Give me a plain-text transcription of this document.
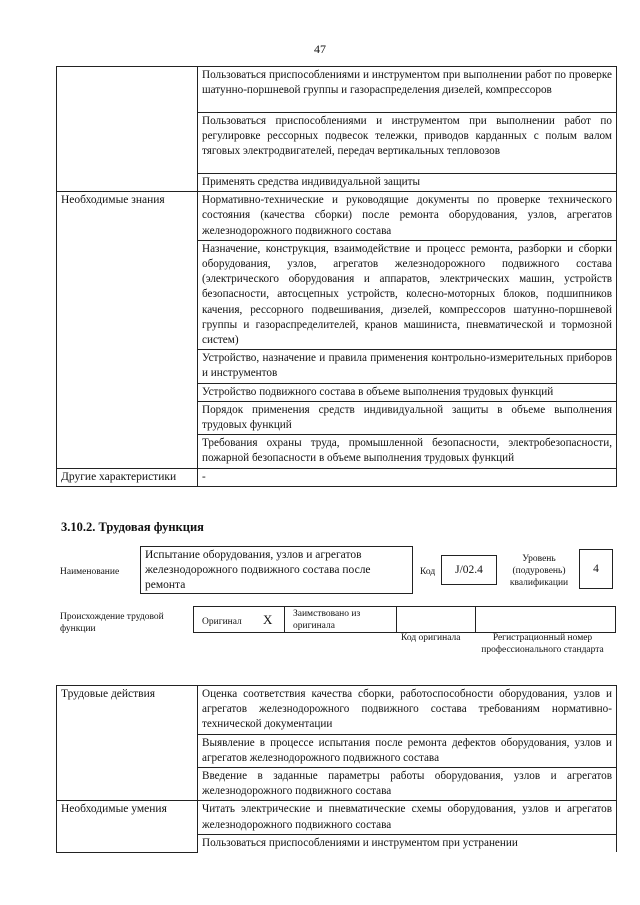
47
	Пользоваться приспособлениями и инструментом при выполнении работ по проверке шатунно-поршневой группы и газораспределения дизелей, компрессоров
	Пользоваться приспособлениями и инструментом при выполнении работ по регулировке рессорных подвесок тележки, приводов карданных с полым валом тяговых электродвигателей, передач вертикальных тепловозов
	Применять средства индивидуальной защиты
Необходимые знания	Нормативно-технические и руководящие документы по проверке технического состояния (качества сборки) после ремонта оборудования, узлов, агрегатов железнодорожного подвижного состава
	Назначение, конструкция, взаимодействие и процесс ремонта, разборки и сборки оборудования, узлов, агрегатов железнодорожного подвижного состава (электрического оборудования и аппаратов, электрических машин, устройств безопасности, автосцепных устройств, колесно-моторных блоков, подшипников качения, рессорного подвешивания, дизелей, компрессоров шатунно-поршневой группы и газораспределителей, кранов машиниста, пневматической и тормозной систем)
	Устройство, назначение и правила применения контрольно-измерительных приборов и инструментов
	Устройство подвижного состава в объеме выполнения трудовых функций
	Порядок применения средств индивидуальной защиты в объеме выполнения трудовых функций
	Требования охраны труда, промышленной безопасности, электробезопасности, пожарной безопасности в объеме выполнения трудовых функций
Другие характеристики	-
3.10.2. Трудовая функция
Наименование
Испытание оборудования, узлов и агрегатов железнодорожного подвижного состава после ремонта
Код	J/02.4
Уровень (подуровень) квалификации
4
Происхождение трудовой функции
Оригинал X Заимствовано из оригинала
Код оригинала	Регистрационный номер профессионального стандарта
Трудовые действия	Оценка соответствия качества сборки, работоспособности оборудования, узлов и агрегатов железнодорожного подвижного состава требованиям нормативно-технической документации
	Выявление в процессе испытания после ремонта дефектов оборудования, узлов и агрегатов железнодорожного подвижного состава
	Введение в заданные параметры работы оборудования, узлов и агрегатов железнодорожного подвижного состава
Необходимые умения	Читать электрические и пневматические схемы оборудования, узлов и агрегатов железнодорожного подвижного состава
	Пользоваться приспособлениями и инструментом при устранении
